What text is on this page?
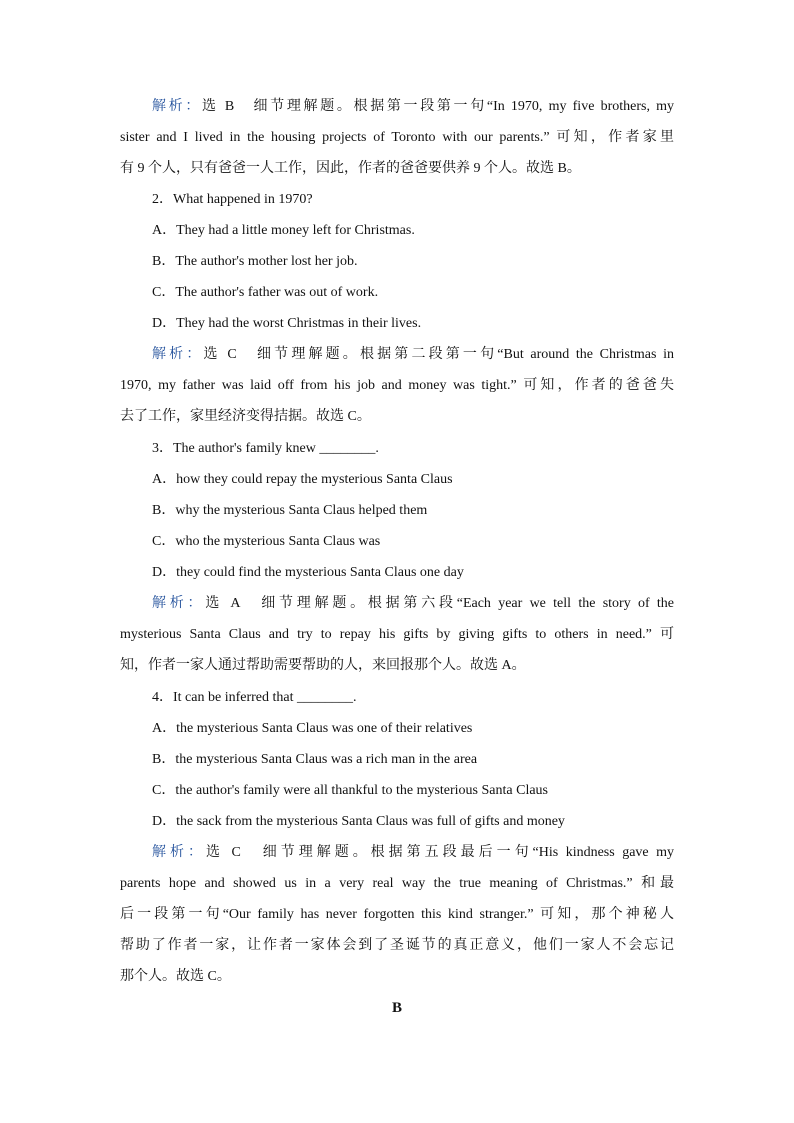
解析：选 B　细节理解题。根据第一段第一句“In 1970, my five brothers, my
sister and I lived in the housing projects of Toronto with our parents.” 可知，作者家里
有 9 个人，只有爸爸一人工作，因此，作者的爸爸要供养 9 个人。故选 B。
2．What happened in 1970?
A．They had a little money left for Christmas.
B．The author's mother lost her job.
C．The author's father was out of work.
D．They had the worst Christmas in their lives.
解析：选 C　细节理解题。根据第二段第一句“But around the Christmas in
1970, my father was laid off from his job and money was tight.” 可知，作者的爸爸失
去了工作，家里经济变得拮据。故选 C。
3．The author's family knew ________.
A．how they could repay the mysterious Santa Claus
B．why the mysterious Santa Claus helped them
C．who the mysterious Santa Claus was
D．they could find the mysterious Santa Claus one day
解析：选 A　细节理解题。根据第六段“Each year we tell the story of the
mysterious Santa Claus and try to repay his gifts by giving gifts to others in need.” 可
知，作者一家人通过帮助需要帮助的人，来回报那个人。故选 A。
4．It can be inferred that ________.
A．the mysterious Santa Claus was one of their relatives
B．the mysterious Santa Claus was a rich man in the area
C．the author's family were all thankful to the mysterious Santa Claus
D．the sack from the mysterious Santa Claus was full of gifts and money
解析：选 C　细节理解题。根据第五段最后一句“His kindness gave my
parents hope and showed us in a very real way the true meaning of Christmas.” 和最
后一段第一句“Our family has never forgotten this kind stranger.” 可知，那个神秘人
帮助了作者一家，让作者一家体会到了圣诞节的真正意义，他们一家人不会忘记
那个人。故选 C。
B
